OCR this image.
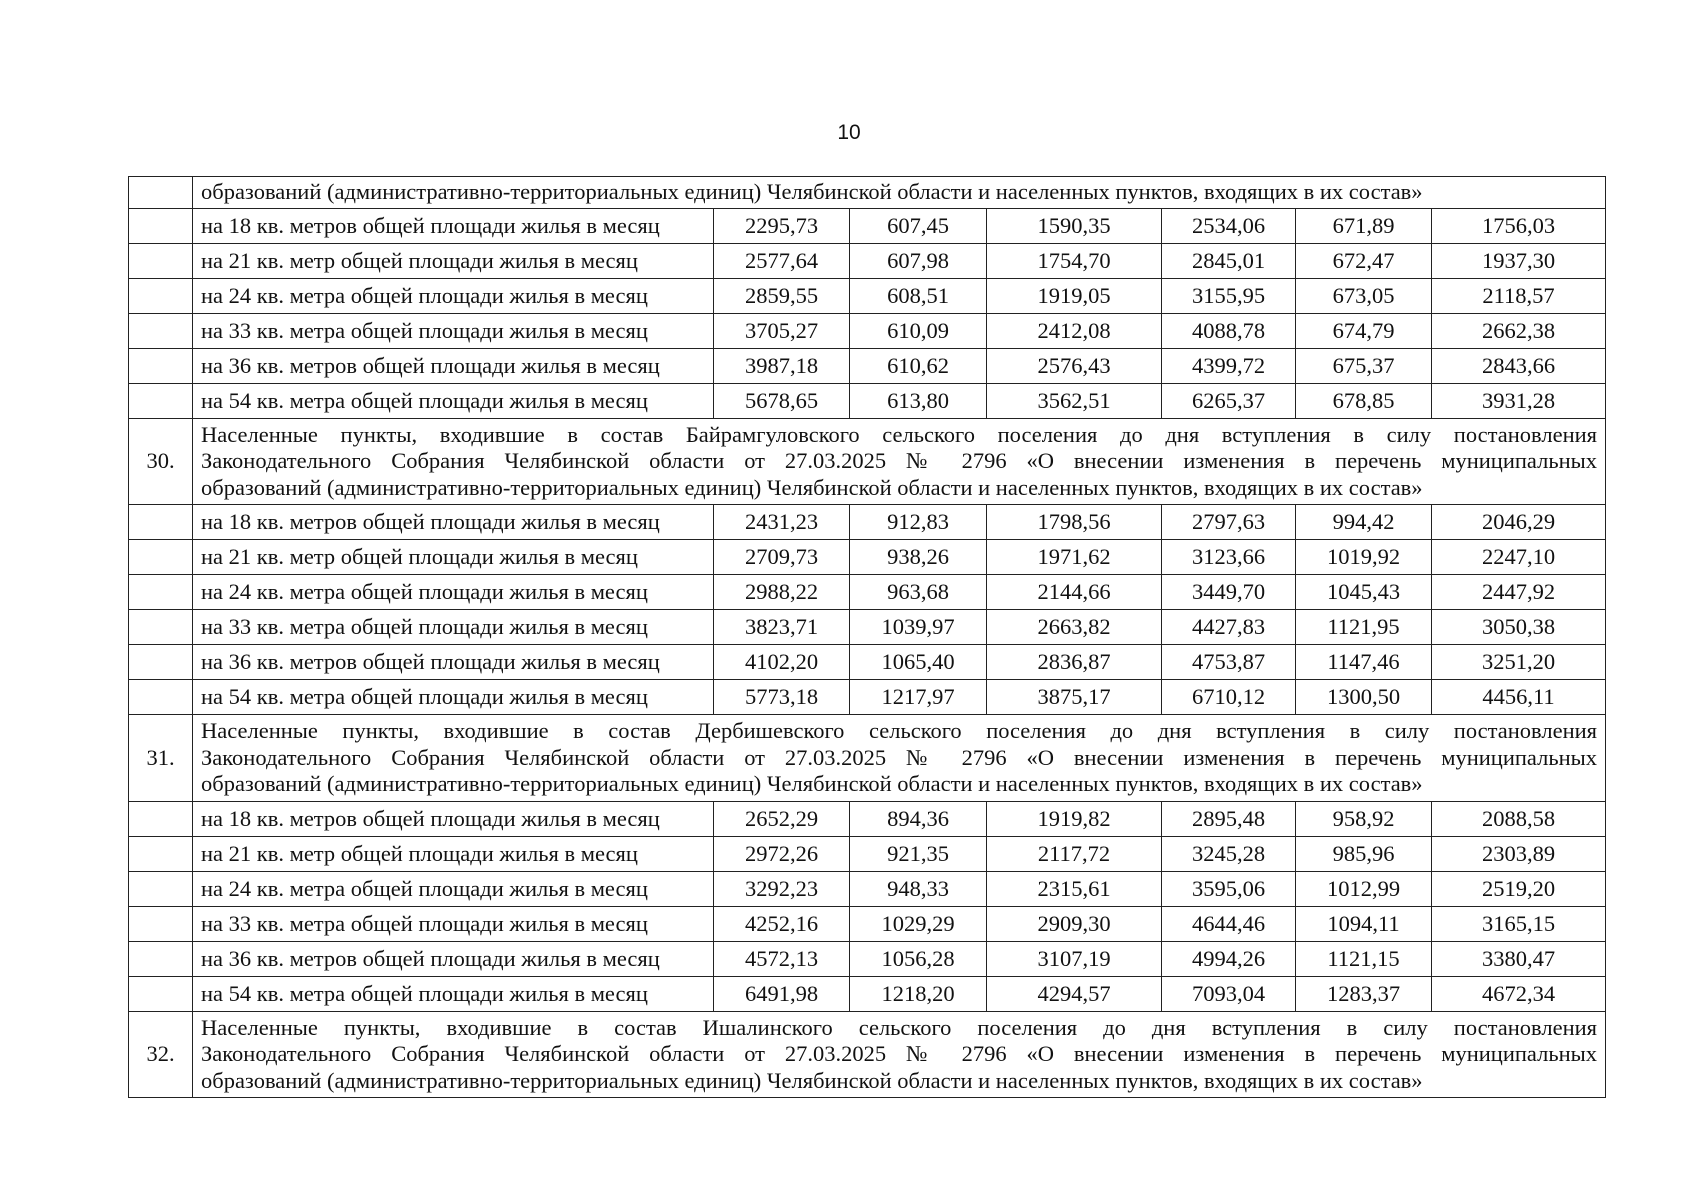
10
	образований (административно-территориальных единиц) Челябинской области и населенных пунктов, входящих в их состав»						
	на 18 кв. метров общей площади жилья в месяц	2295,73	607,45	1590,35	2534,06	671,89	1756,03
	на 21 кв. метр общей площади жилья в месяц	2577,64	607,98	1754,70	2845,01	672,47	1937,30
	на 24 кв. метра общей площади жилья в месяц	2859,55	608,51	1919,05	3155,95	673,05	2118,57
	на 33 кв. метра общей площади жилья в месяц	3705,27	610,09	2412,08	4088,78	674,79	2662,38
	на 36 кв. метров общей площади жилья в месяц	3987,18	610,62	2576,43	4399,72	675,37	2843,66
	на 54 кв. метра общей площади жилья в месяц	5678,65	613,80	3562,51	6265,37	678,85	3931,28
30.	Населенные пункты, входившие в состав Байрамгуловского сельского поселения до дня вступления в силу постановления
Законодательного Собрания Челябинской области от 27.03.2025 № 2796 «О внесении изменения в перечень муниципальных
образований (административно-территориальных единиц) Челябинской области и населенных пунктов, входящих в их состав»						

	на 18 кв. метров общей площади жилья в месяц	2431,23	912,83	1798,56	2797,63	994,42	2046,29
	на 21 кв. метр общей площади жилья в месяц	2709,73	938,26	1971,62	3123,66	1019,92	2247,10
	на 24 кв. метра общей площади жилья в месяц	2988,22	963,68	2144,66	3449,70	1045,43	2447,92
	на 33 кв. метра общей площади жилья в месяц	3823,71	1039,97	2663,82	4427,83	1121,95	3050,38
	на 36 кв. метров общей площади жилья в месяц	4102,20	1065,40	2836,87	4753,87	1147,46	3251,20
	на 54 кв. метра общей площади жилья в месяц	5773,18	1217,97	3875,17	6710,12	1300,50	4456,11
31.	Населенные пункты, входившие в состав Дербишевского сельского поселения до дня вступления в силу постановления
Законодательного Собрания Челябинской области от 27.03.2025 № 2796 «О внесении изменения в перечень муниципальных
образований (административно-территориальных единиц) Челябинской области и населенных пунктов, входящих в их состав»						

	на 18 кв. метров общей площади жилья в месяц	2652,29	894,36	1919,82	2895,48	958,92	2088,58
	на 21 кв. метр общей площади жилья в месяц	2972,26	921,35	2117,72	3245,28	985,96	2303,89
	на 24 кв. метра общей площади жилья в месяц	3292,23	948,33	2315,61	3595,06	1012,99	2519,20
	на 33 кв. метра общей площади жилья в месяц	4252,16	1029,29	2909,30	4644,46	1094,11	3165,15
	на 36 кв. метров общей площади жилья в месяц	4572,13	1056,28	3107,19	4994,26	1121,15	3380,47
	на 54 кв. метра общей площади жилья в месяц	6491,98	1218,20	4294,57	7093,04	1283,37	4672,34
32.	Населенные пункты, входившие в состав Ишалинского сельского поселения до дня вступления в силу постановления
Законодательного Собрания Челябинской области от 27.03.2025 № 2796 «О внесении изменения в перечень муниципальных
образований (административно-территориальных единиц) Челябинской области и населенных пунктов, входящих в их состав»						
